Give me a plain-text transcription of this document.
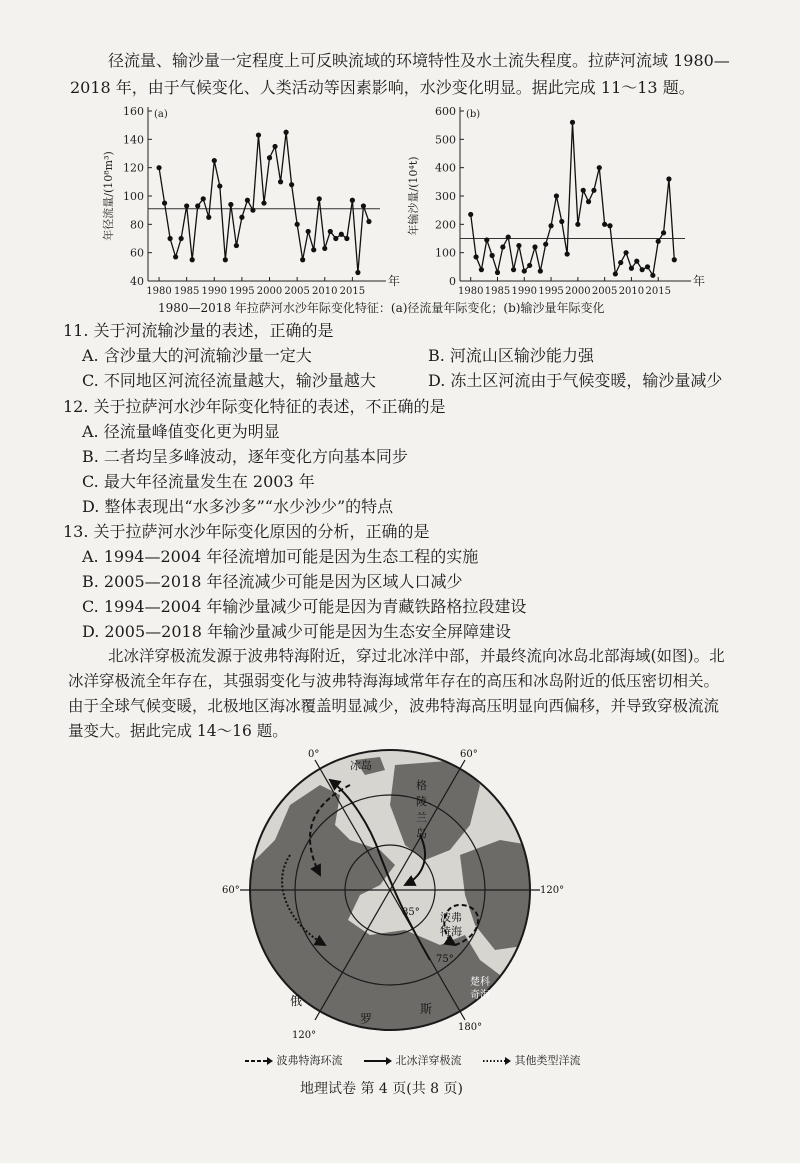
径流量、输沙量一定程度上可反映流域的环境特性及水土流失程度。拉萨河流域 1980—
2018 年，由于气候变化、人类活动等因素影响，水沙变化明显。据此完成 11～13 题。
40
60
80
100
120
140
160
1980 1985 1990 1995 2000 2005 2010 2015
(a)
年
年径流量/(10⁸m³)
0
100
200
300
400
500
600
1980 1985 1990 1995 2000 2005 2010 2015
(b)
年
年输沙量/(10⁴t)
1980—2018 年拉萨河水沙年际变化特征：(a)径流量年际变化；(b)输沙量年际变化
11. 关于河流输沙量的表述，正确的是
A. 含沙量大的河流输沙量一定大	B. 河流山区输沙能力强
C. 不同地区河流径流量越大，输沙量越大	D. 冻土区河流由于气候变暖，输沙量减少
12. 关于拉萨河水沙年际变化特征的表述，不正确的是
A. 径流量峰值变化更为明显
B. 二者均呈多峰波动，逐年变化方向基本同步
C. 最大年径流量发生在 2003 年
D. 整体表现出“水多沙多”“水少沙少”的特点
13. 关于拉萨河水沙年际变化原因的分析，正确的是
A. 1994—2004 年径流增加可能是因为生态工程的实施
B. 2005—2018 年径流减少可能是因为区域人口减少
C. 1994—2004 年输沙量减少可能是因为青藏铁路格拉段建设
D. 2005—2018 年输沙量减少可能是因为生态安全屏障建设
北冰洋穿极流发源于波弗特海附近，穿过北冰洋中部，并最终流向冰岛北部海域(如图)。北
冰洋穿极流全年存在，其强弱变化与波弗特海海域常年存在的高压和冰岛附近的低压密切相关。
由于全球气候变暖，北极地区海冰覆盖明显减少，波弗特海高压明显向西偏移，并导致穿极流流
量变大。据此完成 14～16 题。
0°	60°
60°	120°
120°
180°
85°
75°
冰岛
格
陵
兰
岛
波弗
特海
楚科
奇海
俄
罗
斯
波弗特海环流	北冰洋穿极流	其他类型洋流
地理试卷 第 4 页(共 8 页)
